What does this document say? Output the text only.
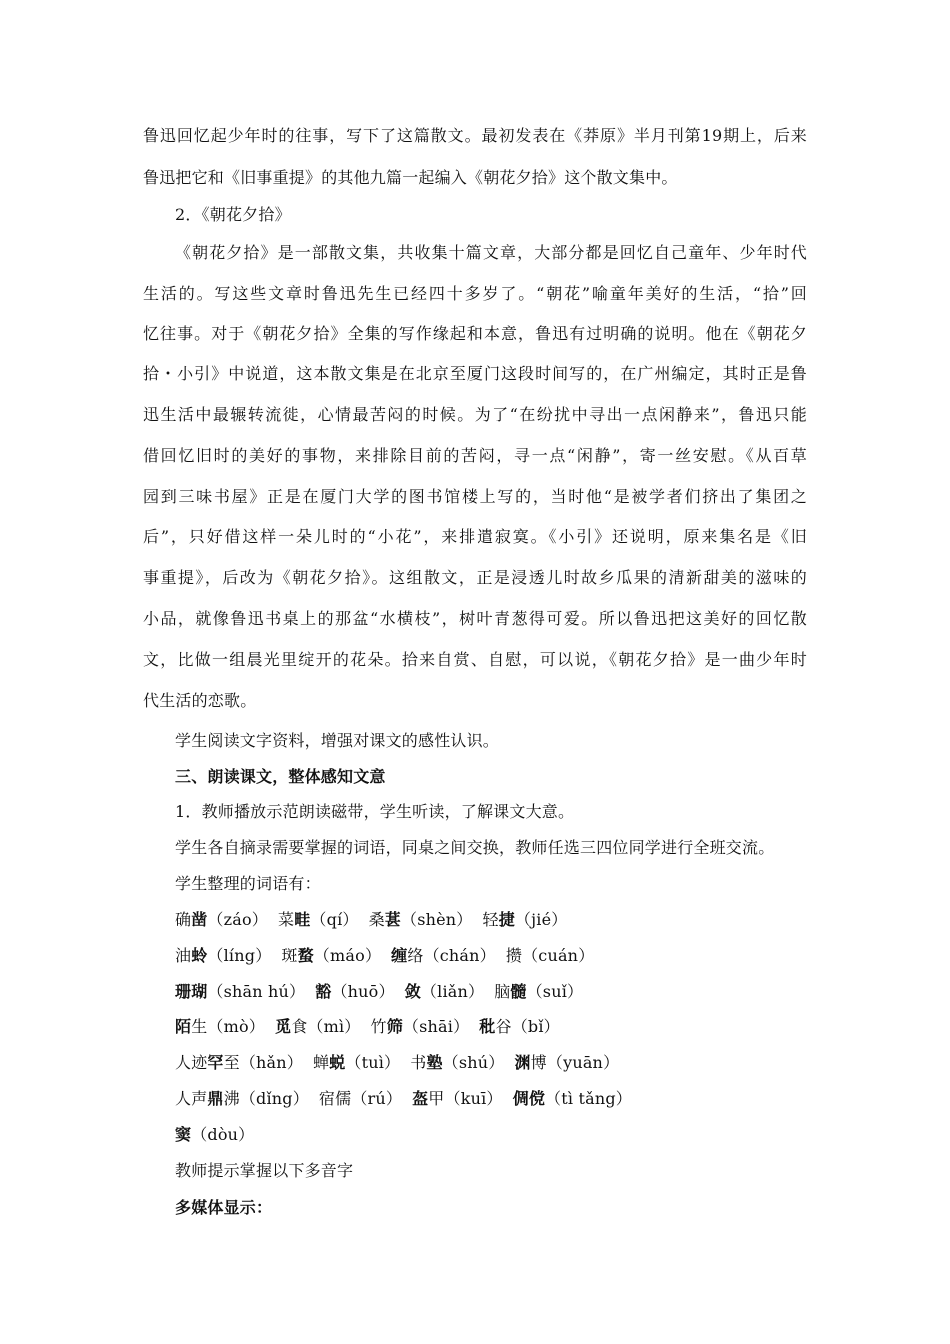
鲁迅回忆起少年时的往事，写下了这篇散文。最初发表在《莽原》半月刊第19期上，后来
鲁迅把它和《旧事重提》的其他九篇一起编入《朝花夕拾》这个散文集中。
2．《朝花夕拾》
《朝花夕拾》是一部散文集，共收集十篇文章，大部分都是回忆自己童年、少年时代
生活的。写这些文章时鲁迅先生已经四十多岁了。“朝花”喻童年美好的生活，“拾”回
忆往事。对于《朝花夕拾》全集的写作缘起和本意，鲁迅有过明确的说明。他在《朝花夕
拾・小引》中说道，这本散文集是在北京至厦门这段时间写的，在广州编定，其时正是鲁
迅生活中最辗转流徙，心情最苦闷的时候。为了“在纷扰中寻出一点闲静来”，鲁迅只能
借回忆旧时的美好的事物，来排除目前的苦闷，寻一点“闲静”，寄一丝安慰。《从百草
园到三味书屋》正是在厦门大学的图书馆楼上写的，当时他“是被学者们挤出了集团之
后”，只好借这样一朵儿时的“小花”，来排遣寂寞。《小引》还说明，原来集名是《旧
事重提》，后改为《朝花夕拾》。这组散文，正是浸透儿时故乡瓜果的清新甜美的滋味的
小品，就像鲁迅书桌上的那盆“水横枝”，树叶青葱得可爱。所以鲁迅把这美好的回忆散
文，比做一组晨光里绽开的花朵。拾来自赏、自慰，可以说，《朝花夕拾》是一曲少年时
代生活的恋歌。
学生阅读文字资料，增强对课文的感性认识。
三、朗读课文，整体感知文意
1．教师播放示范朗读磁带，学生听读，了解课文大意。
学生各自摘录需要掌握的词语，同桌之间交换，教师任选三四位同学进行全班交流。
学生整理的词语有：
确凿（záo） 菜畦（qí） 桑葚（shèn） 轻捷（jié）
油蛉（líng） 斑蝥（máo） 缠络（chán） 攒（cuán）
珊瑚（shān hú） 豁（huō） 敛（liǎn） 脑髓（suǐ）
陌生（mò） 觅食（mì） 竹筛（shāi） 秕谷（bǐ）
人迹罕至（hǎn） 蝉蜕（tuì） 书塾（shú） 渊博（yuān）
人声鼎沸（dǐng） 宿儒（rú） 盔甲（kuī） 倜傥（tì tǎng）
窦（dòu）
教师提示掌握以下多音字
多媒体显示：
